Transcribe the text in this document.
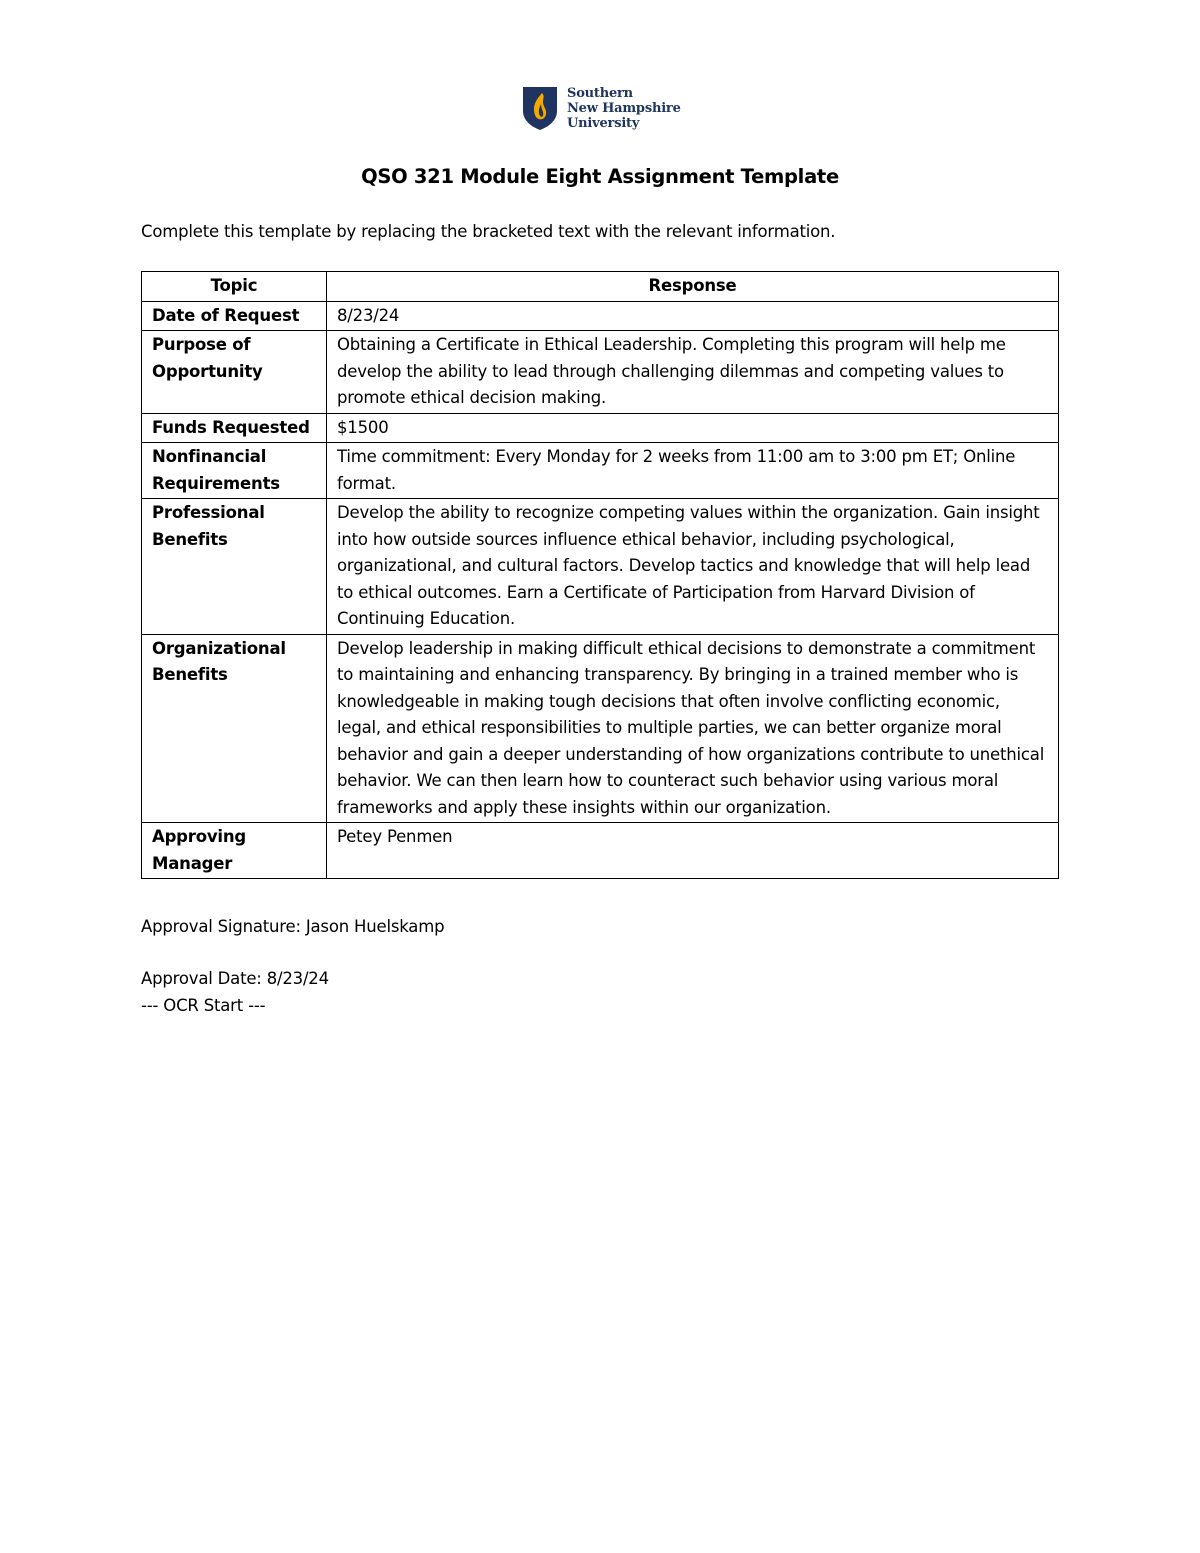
Southern
New Hampshire
University
QSO 321 Module Eight Assignment Template
Complete this template by replacing the bracketed text with the relevant information.
Topic	Response
Date of Request	8/23/24
Purpose of Opportunity	Obtaining a Certificate in Ethical Leadership. Completing this program will help me develop the ability to lead through challenging dilemmas and competing values to promote ethical decision making.
Funds Requested	$1500
Nonfinancial Requirements	Time commitment: Every Monday for 2 weeks from 11:00 am to 3:00 pm ET; Online format.
Professional Benefits	Develop the ability to recognize competing values within the organization. Gain insight into how outside sources influence ethical behavior, including psychological, organizational, and cultural factors. Develop tactics and knowledge that will help lead to ethical outcomes. Earn a Certificate of Participation from Harvard Division of Continuing Education.
Organizational Benefits	Develop leadership in making difficult ethical decisions to demonstrate a commitment to maintaining and enhancing transparency. By bringing in a trained member who is knowledgeable in making tough decisions that often involve conflicting economic, legal, and ethical responsibilities to multiple parties, we can better organize moral behavior and gain a deeper understanding of how organizations contribute to unethical behavior. We can then learn how to counteract such behavior using various moral frameworks and apply these insights within our organization.
Approving Manager	Petey Penmen
Approval Signature: Jason Huelskamp
Approval Date: 8/23/24
--- OCR Start ---
